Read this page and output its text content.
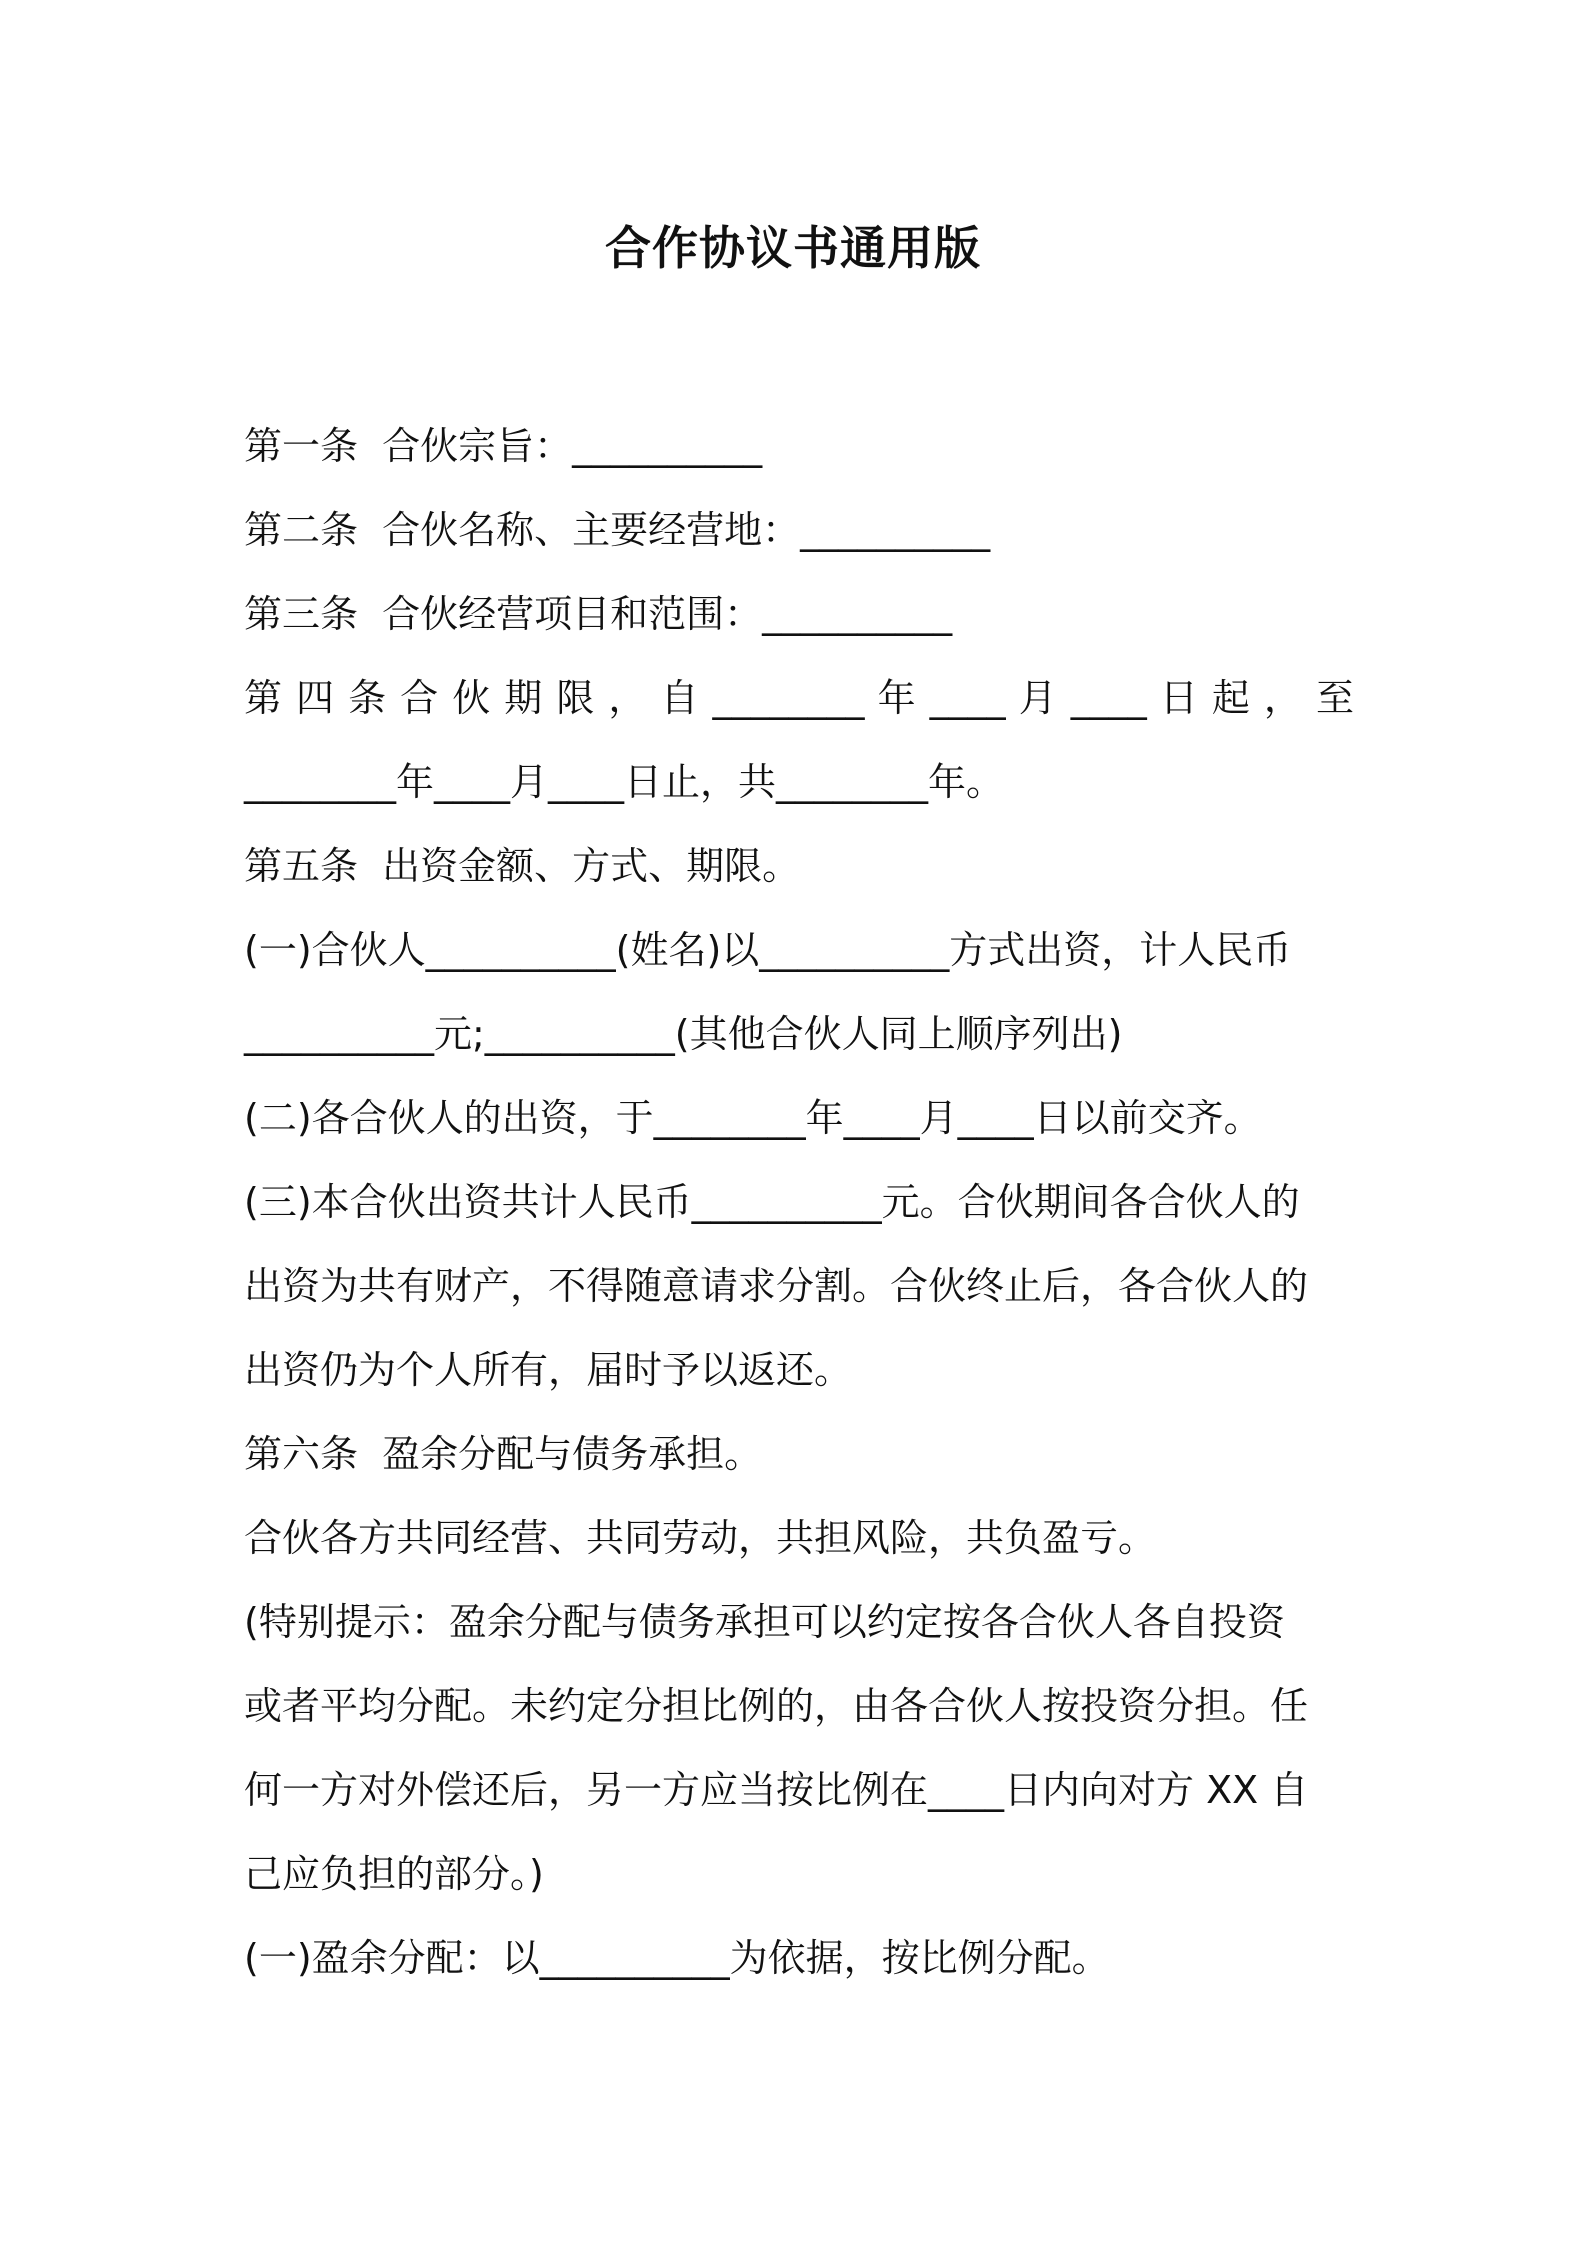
合作协议书通用版

第一条  合伙宗旨：__________

第二条  合伙名称、主要经营地：__________

第三条  合伙经营项目和范围：__________

第 四 条 合 伙 期 限 ， 自 ________ 年 ____ 月 ____ 日 起 ， 至

________年____月____日止，共________年。

第五条  出资金额、方式、期限。

(一)合伙人__________(姓名)以__________方式出资，计人民币

__________元;__________(其他合伙人同上顺序列出)

(二)各合伙人的出资，于________年____月____日以前交齐。

(三)本合伙出资共计人民币__________元。合伙期间各合伙人的

出资为共有财产，不得随意请求分割。合伙终止后，各合伙人的

出资仍为个人所有，届时予以返还。

第六条  盈余分配与债务承担。

合伙各方共同经营、共同劳动，共担风险，共负盈亏。

(特别提示：盈余分配与债务承担可以约定按各合伙人各自投资

或者平均分配。未约定分担比例的，由各合伙人按投资分担。任

何一方对外偿还后，另一方应当按比例在____日内向对方 XX 自

己应负担的部分。)

(一)盈余分配：以__________为依据，按比例分配。
